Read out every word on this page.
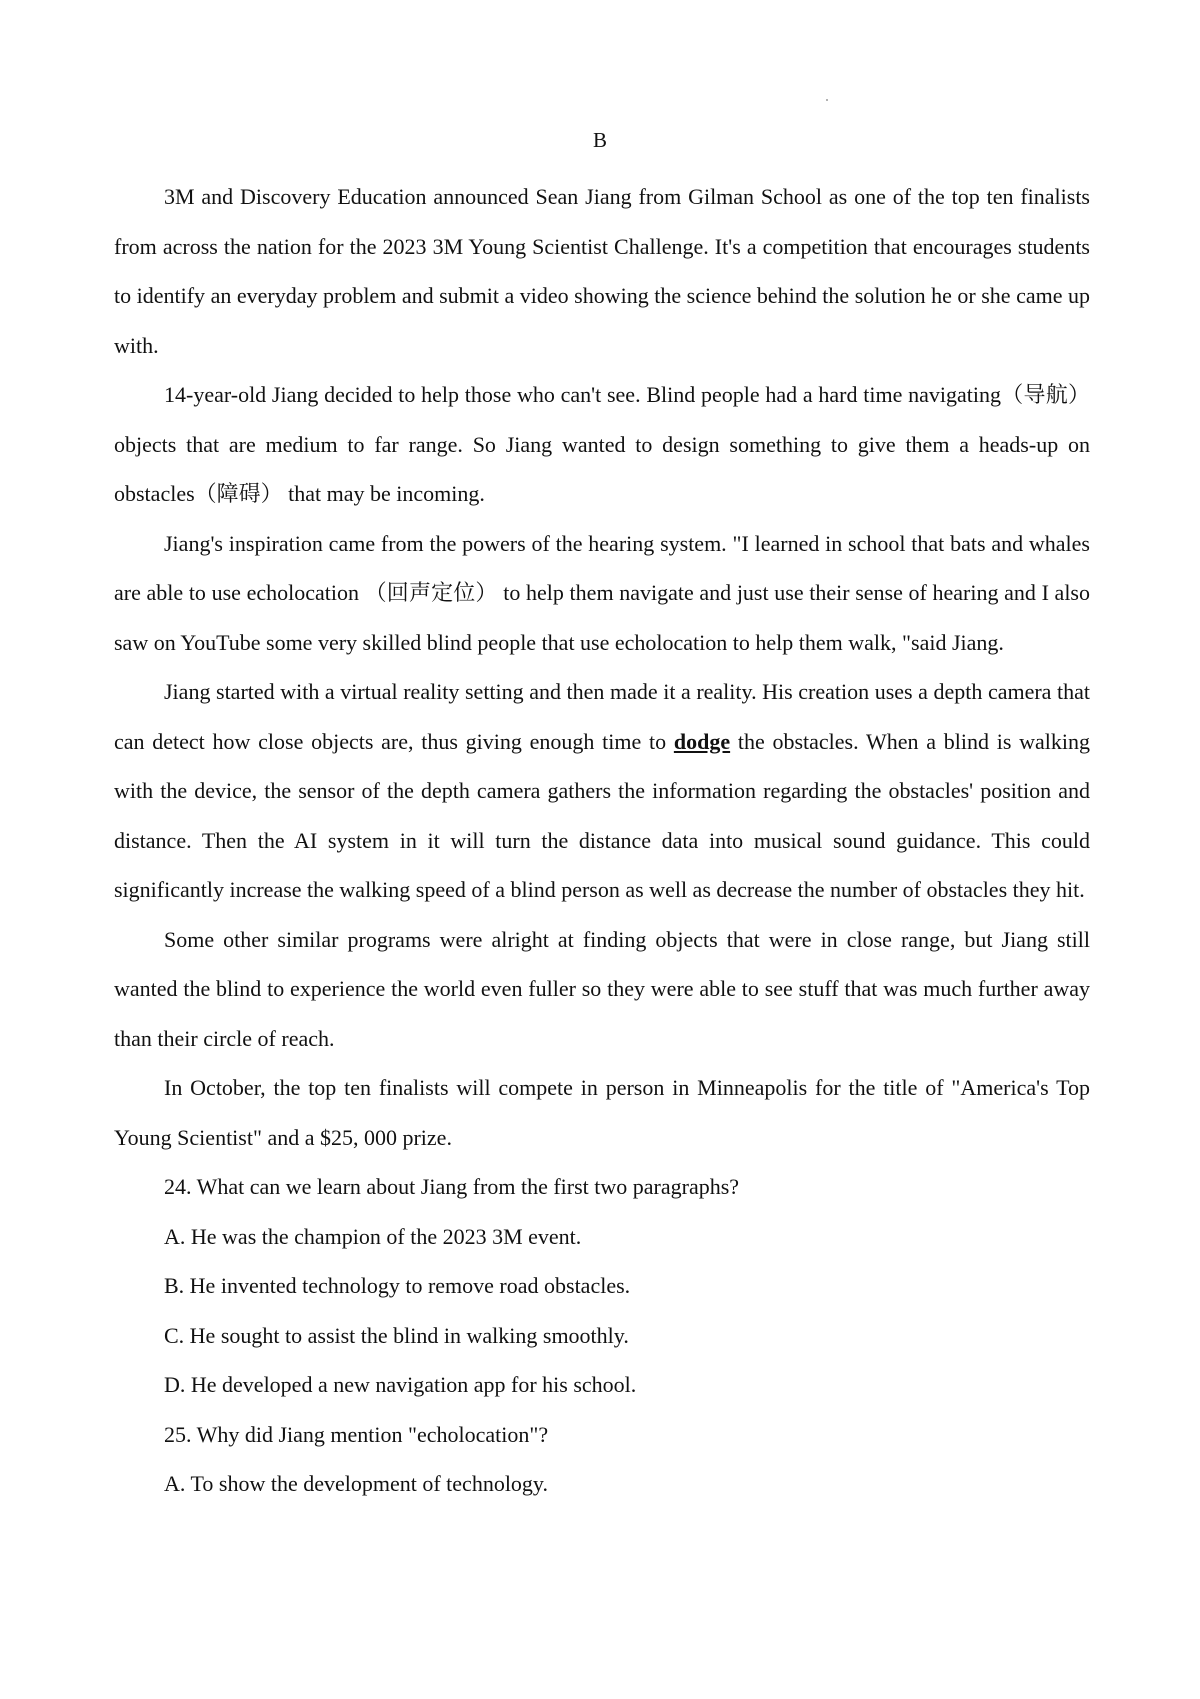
B

3M and Discovery Education announced Sean Jiang from Gilman School as one of the top ten finalists from across the nation for the 2023 3M Young Scientist Challenge. It's a competition that encourages students to identify an everyday problem and submit a video showing the science behind the solution he or she came up with.

14-year-old Jiang decided to help those who can't see. Blind people had a hard time navigating（导航） objects that are medium to far range. So Jiang wanted to design something to give them a heads-up on obstacles（障碍） that may be incoming.

Jiang's inspiration came from the powers of the hearing system. "I learned in school that bats and whales are able to use echolocation （回声定位） to help them navigate and just use their sense of hearing and I also saw on YouTube some very skilled blind people that use echolocation to help them walk, "said Jiang.

Jiang started with a virtual reality setting and then made it a reality. His creation uses a depth camera that can detect how close objects are, thus giving enough time to dodge the obstacles. When a blind is walking with the device, the sensor of the depth camera gathers the information regarding the obstacles' position and distance. Then the AI system in it will turn the distance data into musical sound guidance. This could significantly increase the walking speed of a blind person as well as decrease the number of obstacles they hit.

Some other similar programs were alright at finding objects that were in close range, but Jiang still wanted the blind to experience the world even fuller so they were able to see stuff that was much further away than their circle of reach.

In October, the top ten finalists will compete in person in Minneapolis for the title of "America's Top Young Scientist" and a $25, 000 prize.

24. What can we learn about Jiang from the first two paragraphs?
A. He was the champion of the 2023 3M event.
B. He invented technology to remove road obstacles.
C. He sought to assist the blind in walking smoothly.
D. He developed a new navigation app for his school.
25. Why did Jiang mention "echolocation"?
A. To show the development of technology.
